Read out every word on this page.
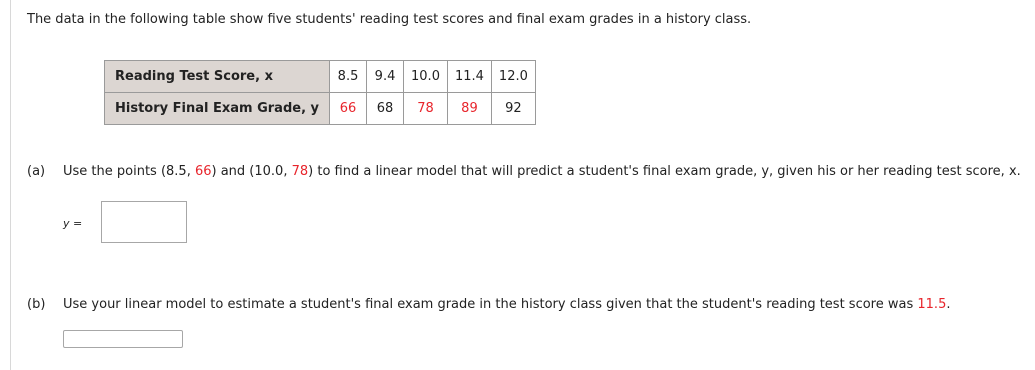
The data in the following table show five students' reading test scores and final exam grades in a history class.
Reading Test Score, x	8.5	9.4	10.0	11.4	12.0
History Final Exam Grade, y	66	68	78	89	92
(a) Use the points (8.5, 66) and (10.0, 78) to find a linear model that will predict a student's final exam grade, y, given his or her reading test score, x.
y =
(b) Use your linear model to estimate a student's final exam grade in the history class given that the student's reading test score was 11.5.
